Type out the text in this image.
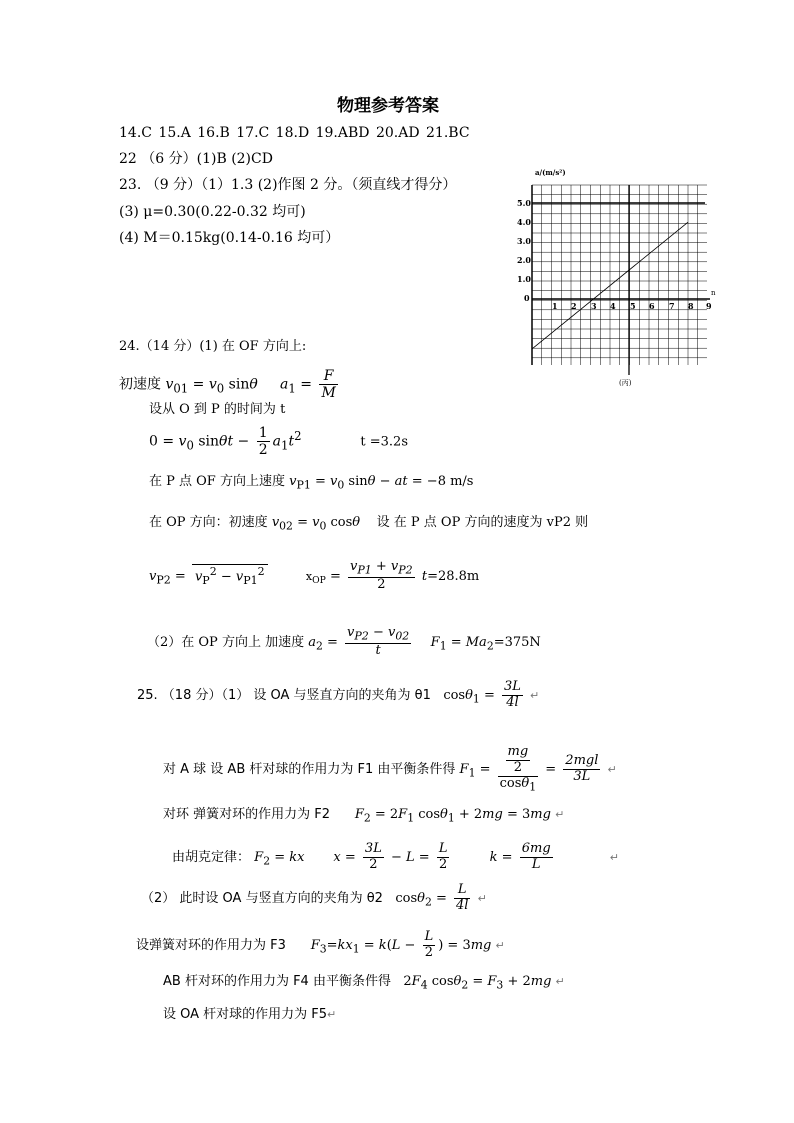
物理参考答案
14.C 15.A 16.B 17.C 18.D 19.ABD 20.AD 21.BC
22 （6 分）(1)B (2)CD
23. （9 分）（1）1.3 (2)作图 2 分。（须直线才得分）
(3) μ=0.30(0.22-0.32 均可)
(4) M＝0.15kg(0.14-0.16 均可）
a/(m/s²)
5.0
4.0
3.0
2.0
1.0
0
1 2 3 4 5 6 7 8 9
n
(丙)
24.（14 分）(1) 在 OF 方向上:
初速度 $v_{01} = v_0$ sinθ $a_1 = \frac{F}{M}$
设从 O 到 P 的时间为 t
$0 = v_0$ $\sin\theta t - \frac{1}{2} a_1t^2$	t =3.2s
在 P 点 OF 方向上速度 $v_{P1} = v_0$ sinθ − at = −8 m/s
在 OP 方向：初速度 $v_{02} = v_0$ cosθ 设 在 P 点 OP 方向的速度为 vP2 则
$v_{P2} = v_P^2 - v_{P1}^2$	$x_{OP} = \frac{v_{P1} + v_{P2}}{2} t=28.8m$
（2）在 OP 方向上 加速度 $a_2 = \frac{v_{P2} - v_{02}}{t} F_1 = Ma_2=375N$
25. （18 分）（1） 设 OA 与竖直方向的夹角为 θ1 $\cos\theta_1 = \frac{3L}{4l}$ ↵
对 A 球 设 AB 杆对球的作用力为 F1 由平衡条件得 $F_1 = \frac{\frac{mg}{2}}{\cos\theta_1} = \frac{\text{2mgl}}{3L}$ ↵
对环 弹簧对环的作用力为 F2 $F_2 = 2F_1$ cosθ$_1$ + 2mg = 3mg ↵
由胡克定律： $F_2$ = kx $x = \frac{3L}{2} - L = \frac{L}{2}$	$k = \frac{6mg}{L}$	↵
（2） 此时设 OA 与竖直方向的夹角为 θ2 $\cos\theta_2 = \frac{L}{4l}$ ↵
设弹簧对环的作用力为 F3 $F_3=kx_1 = k(L - \frac{L}{2}$ ) = 3mg ↵
AB 杆对环的作用力为 F4 由平衡条件得 $2F_4$ $\cos\theta_2 = F_3 + 2mg$ ↵
设 OA 杆对球的作用力为 F5↵
